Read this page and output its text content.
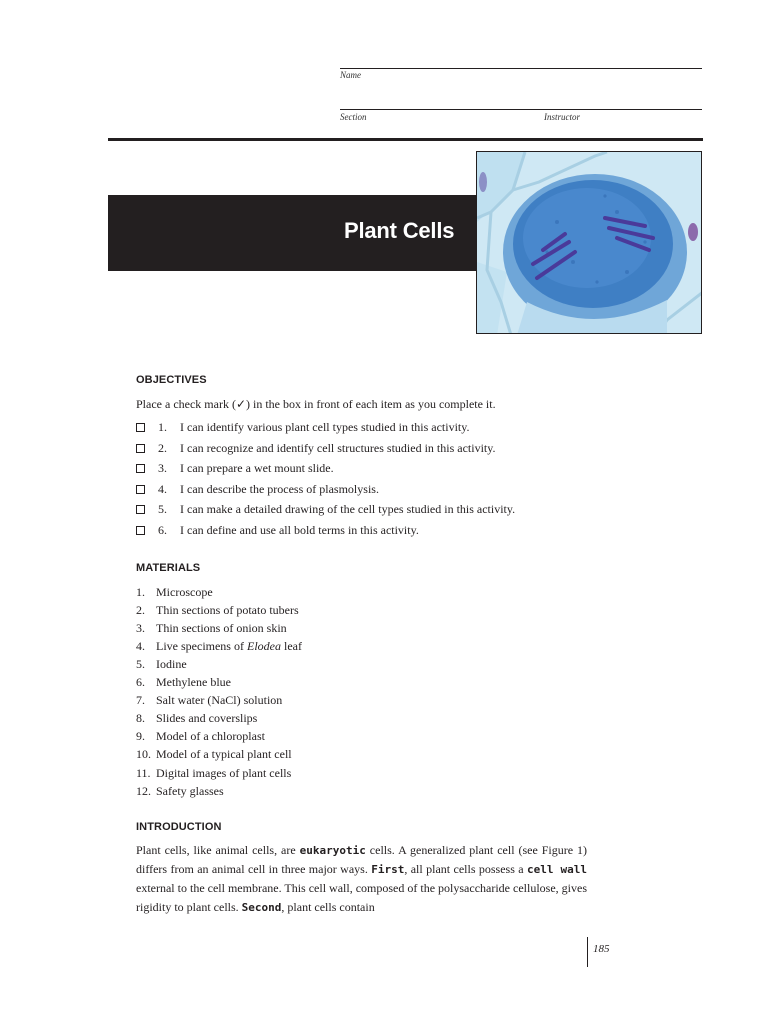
Name
Section	Instructor
Plant Cells
OBJECTIVES
Place a check mark (✓) in the box in front of each item as you complete it.
1. I can identify various plant cell types studied in this activity.
2. I can recognize and identify cell structures studied in this activity.
3. I can prepare a wet mount slide.
4. I can describe the process of plasmolysis.
5. I can make a detailed drawing of the cell types studied in this activity.
6. I can define and use all bold terms in this activity.
MATERIALS
1. Microscope
2. Thin sections of potato tubers
3. Thin sections of onion skin
4. Live specimens of Elodea leaf
5. Iodine
6. Methylene blue
7. Salt water (NaCl) solution
8. Slides and coverslips
9. Model of a chloroplast
10. Model of a typical plant cell
11. Digital images of plant cells
12. Safety glasses
INTRODUCTION
Plant cells, like animal cells, are eukaryotic cells. A generalized plant cell (see Figure 1) differs from an animal cell in three major ways. First, all plant cells possess a cell wall external to the cell membrane. This cell wall, composed of the polysaccharide cellulose, gives rigidity to plant cells. Second, plant cells contain
185
